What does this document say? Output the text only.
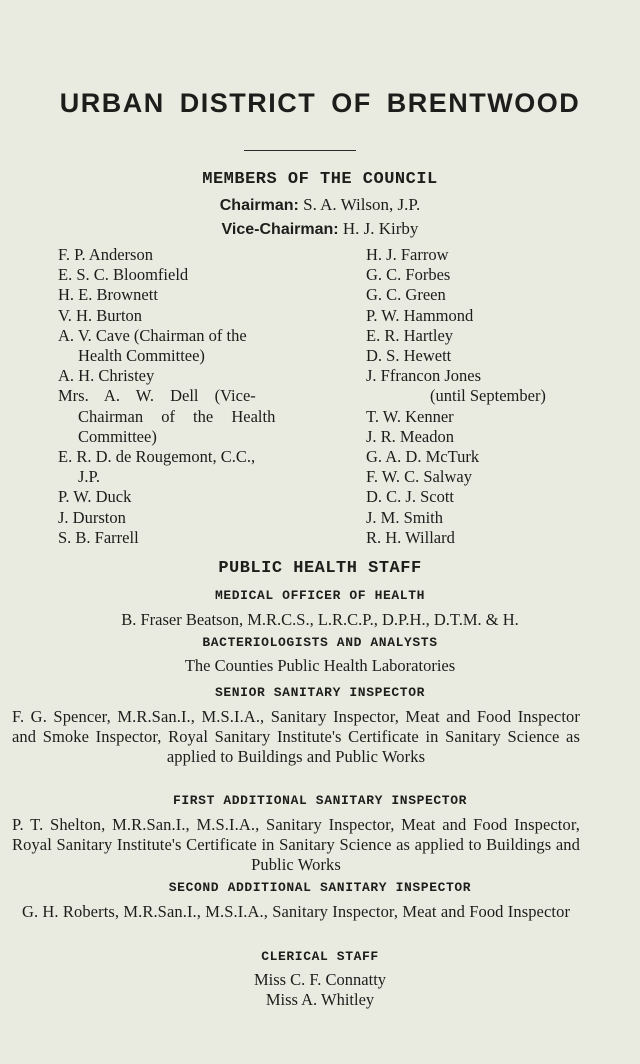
URBAN DISTRICT OF BRENTWOOD
MEMBERS OF THE COUNCIL
Chairman: S. A. Wilson, J.P.
Vice-Chairman: H. J. Kirby
F. P. Anderson
E. S. C. Bloomfield
H. E. Brownett
V. H. Burton
A. V. Cave (Chairman of the
Health Committee)
A. H. Christey
Mrs. A. W. Dell (Vice-
Chairman of the Health
Committee)
E. R. D. de Rougemont, C.C.,
J.P.
P. W. Duck
J. Durston
S. B. Farrell
H. J. Farrow
G. C. Forbes
G. C. Green
P. W. Hammond
E. R. Hartley
D. S. Hewett
J. Ffrancon Jones
(until September)
T. W. Kenner
J. R. Meadon
G. A. D. McTurk
F. W. C. Salway
D. C. J. Scott
J. M. Smith
R. H. Willard
PUBLIC HEALTH STAFF
MEDICAL OFFICER OF HEALTH
B. Fraser Beatson, M.R.C.S., L.R.C.P., D.P.H., D.T.M. & H.
BACTERIOLOGISTS AND ANALYSTS
The Counties Public Health Laboratories
SENIOR SANITARY INSPECTOR
F. G. Spencer, M.R.San.I., M.S.I.A., Sanitary Inspector, Meat and Food Inspector and Smoke Inspector, Royal Sanitary Institute's Certificate in Sanitary Science as applied to Buildings and Public Works
FIRST ADDITIONAL SANITARY INSPECTOR
P. T. Shelton, M.R.San.I., M.S.I.A., Sanitary Inspector, Meat and Food Inspector, Royal Sanitary Institute's Certificate in Sanitary Science as applied to Buildings and Public Works
SECOND ADDITIONAL SANITARY INSPECTOR
G. H. Roberts, M.R.San.I., M.S.I.A., Sanitary Inspector, Meat and Food Inspector
CLERICAL STAFF
Miss C. F. Connatty
Miss A. Whitley
